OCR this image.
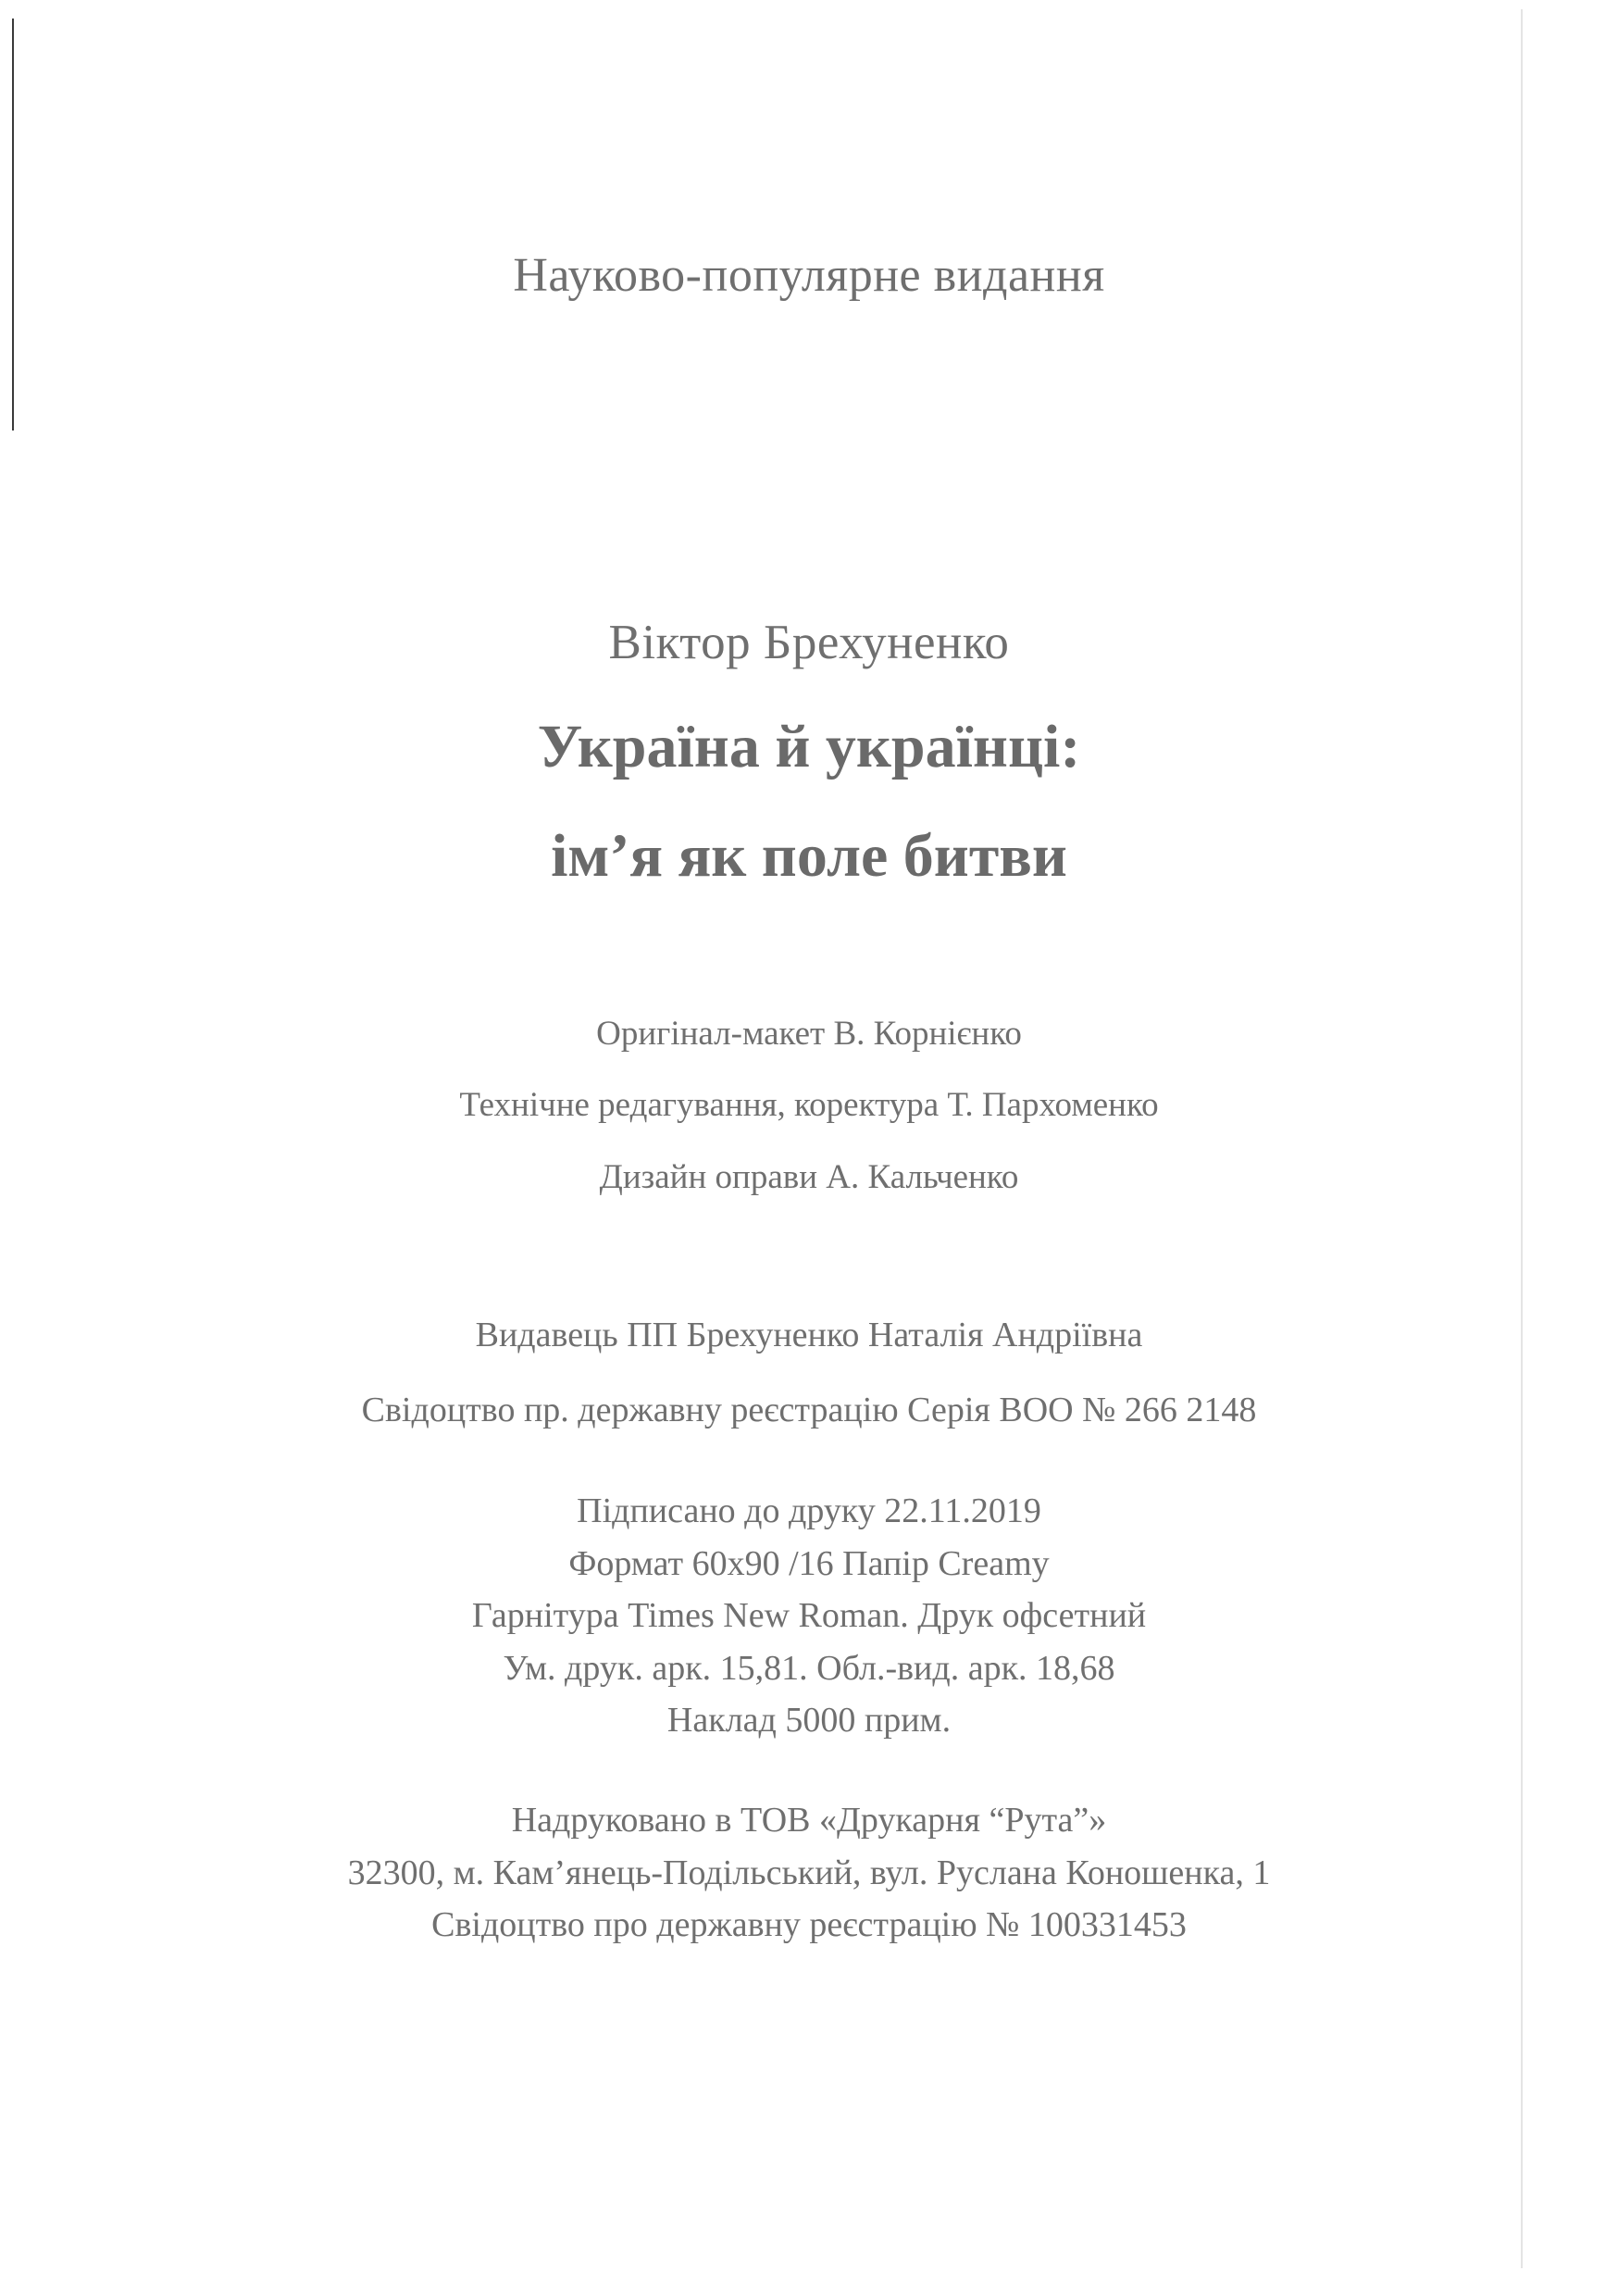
Науково-популярне видання
Віктор Брехуненко
Україна й українці:
ім’я як поле битви
Оригінал-макет В. Корнієнко
Технічне редагування, коректура Т. Пархоменко
Дизайн оправи А. Кальченко
Видавець ПП Брехуненко Наталія Андріївна
Свідоцтво пр. державну реєстрацію Серія ВОО № 266 2148
Підписано до друку 22.11.2019
Формат 60х90 /16 Папір Creamy
Гарнітура Times New Roman. Друк офсетний
Ум. друк. арк. 15,81. Обл.-вид. арк. 18,68
Наклад 5000 прим.
Надруковано в ТОВ «Друкарня “Рута”»
32300, м. Кам’янець-Подільський, вул. Руслана Коношенка, 1
Свідоцтво про державну реєстрацію № 100331453
